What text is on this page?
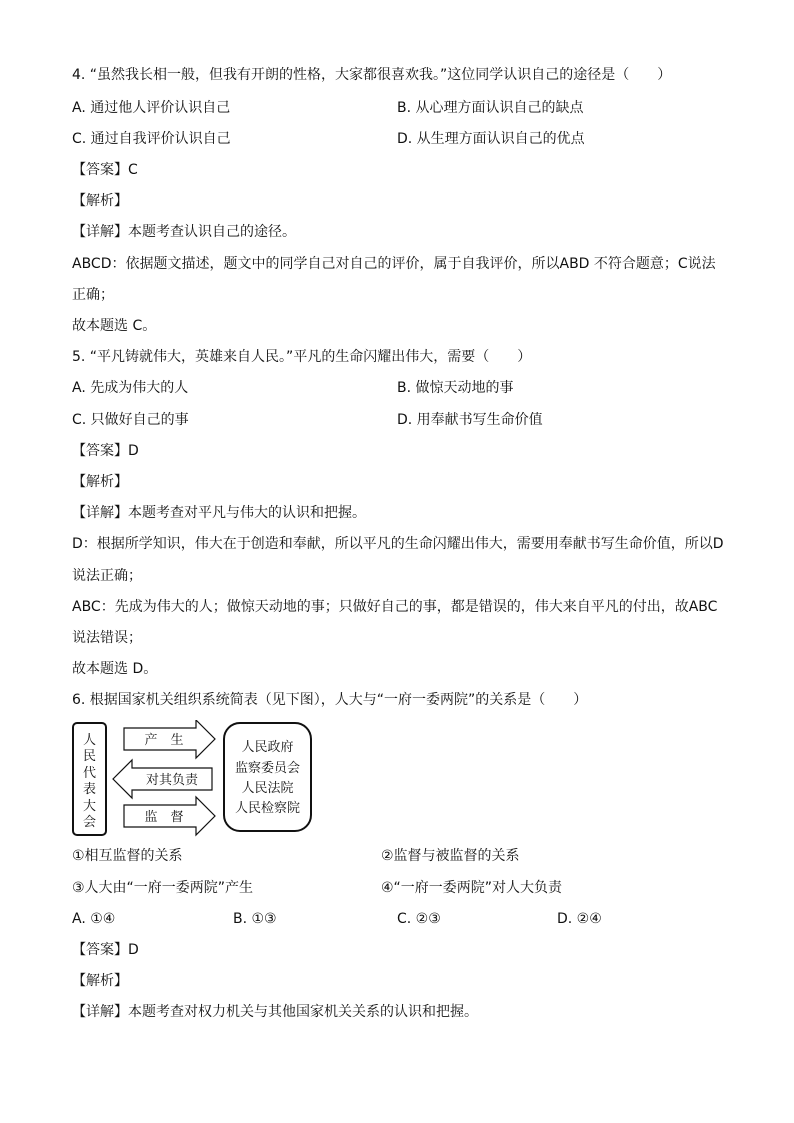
4. “虽然我长相一般，但我有开朗的性格，大家都很喜欢我。”这位同学认识自己的途径是（　　）
A. 通过他人评价认识自己	B. 从心理方面认识自己的缺点
C. 通过自我评价认识自己	D. 从生理方面认识自己的优点
【答案】C
【解析】
【详解】本题考查认识自己的途径。
ABCD：依据题文描述，题文中的同学自己对自己的评价，属于自我评价，所以ABD 不符合题意；C说法
正确；
故本题选 C。
5. “平凡铸就伟大，英雄来自人民。”平凡的生命闪耀出伟大，需要（　　）
A. 先成为伟大的人	B. 做惊天动地的事
C. 只做好自己的事	D. 用奉献书写生命价值
【答案】D
【解析】
【详解】本题考查对平凡与伟大的认识和把握。
D：根据所学知识，伟大在于创造和奉献，所以平凡的生命闪耀出伟大，需要用奉献书写生命价值，所以D
说法正确；
ABC：先成为伟大的人；做惊天动地的事；只做好自己的事，都是错误的，伟大来自平凡的付出，故ABC
说法错误；
故本题选 D。
6. 根据国家机关组织系统简表（见下图），人大与“一府一委两院”的关系是（　　）
人
民
代
表
大
会
产　生
对其负责
监　督
人民政府
监察委员会
人民法院
人民检察院
①相互监督的关系	②监督与被监督的关系
③人大由“一府一委两院”产生	④“一府一委两院”对人大负责
A. ①④	B. ①③	C. ②③	D. ②④
【答案】D
【解析】
【详解】本题考查对权力机关与其他国家机关关系的认识和把握。
